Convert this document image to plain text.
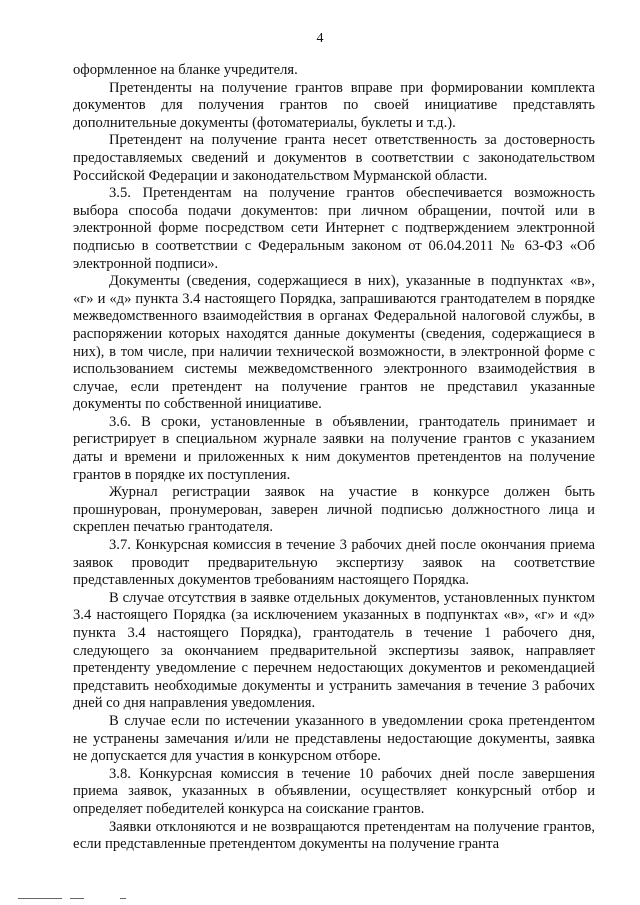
4

оформленное на бланке учредителя.

Претенденты на получение грантов вправе при формировании комплекта документов для получения грантов по своей инициативе представлять дополнительные документы (фотоматериалы, буклеты и т.д.).

Претендент на получение гранта несет ответственность за достоверность предоставляемых сведений и документов в соответствии с законодательством Российской Федерации и законодательством Мурманской области.

3.5. Претендентам на получение грантов обеспечивается возможность выбора способа подачи документов: при личном обращении, почтой или в электронной форме посредством сети Интернет с подтверждением электронной подписью в соответствии с Федеральным законом от 06.04.2011 № 63-ФЗ «Об электронной подписи».

Документы (сведения, содержащиеся в них), указанные в подпунктах «в», «г» и «д» пункта 3.4 настоящего Порядка, запрашиваются грантодателем в порядке межведомственного взаимодействия в органах Федеральной налоговой службы, в распоряжении которых находятся данные документы (сведения, содержащиеся в них), в том числе, при наличии технической возможности, в электронной форме с использованием системы межведомственного электронного взаимодействия в случае, если претендент на получение грантов не представил указанные документы по собственной инициативе.

3.6. В сроки, установленные в объявлении, грантодатель принимает и регистрирует в специальном журнале заявки на получение грантов с указанием даты и времени и приложенных к ним документов претендентов на получение грантов в порядке их поступления.

Журнал регистрации заявок на участие в конкурсе должен быть прошнурован, пронумерован, заверен личной подписью должностного лица и скреплен печатью грантодателя.

3.7. Конкурсная комиссия в течение 3 рабочих дней после окончания приема заявок проводит предварительную экспертизу заявок на соответствие представленных документов требованиям настоящего Порядка.

В случае отсутствия в заявке отдельных документов, установленных пунктом 3.4 настоящего Порядка (за исключением указанных в подпунктах «в», «г» и «д» пункта 3.4 настоящего Порядка), грантодатель в течение 1 рабочего дня, следующего за окончанием предварительной экспертизы заявок, направляет претенденту уведомление с перечнем недостающих документов и рекомендацией представить необходимые документы и устранить замечания в течение 3 рабочих дней со дня направления уведомления.

В случае если по истечении указанного в уведомлении срока претендентом не устранены замечания и/или не представлены недостающие документы, заявка не допускается для участия в конкурсном отборе.

3.8. Конкурсная комиссия в течение 10 рабочих дней после завершения приема заявок, указанных в объявлении, осуществляет конкурсный отбор и определяет победителей конкурса на соискание грантов.

Заявки отклоняются и не возвращаются претендентам на получение грантов, если представленные претендентом документы на получение гранта
